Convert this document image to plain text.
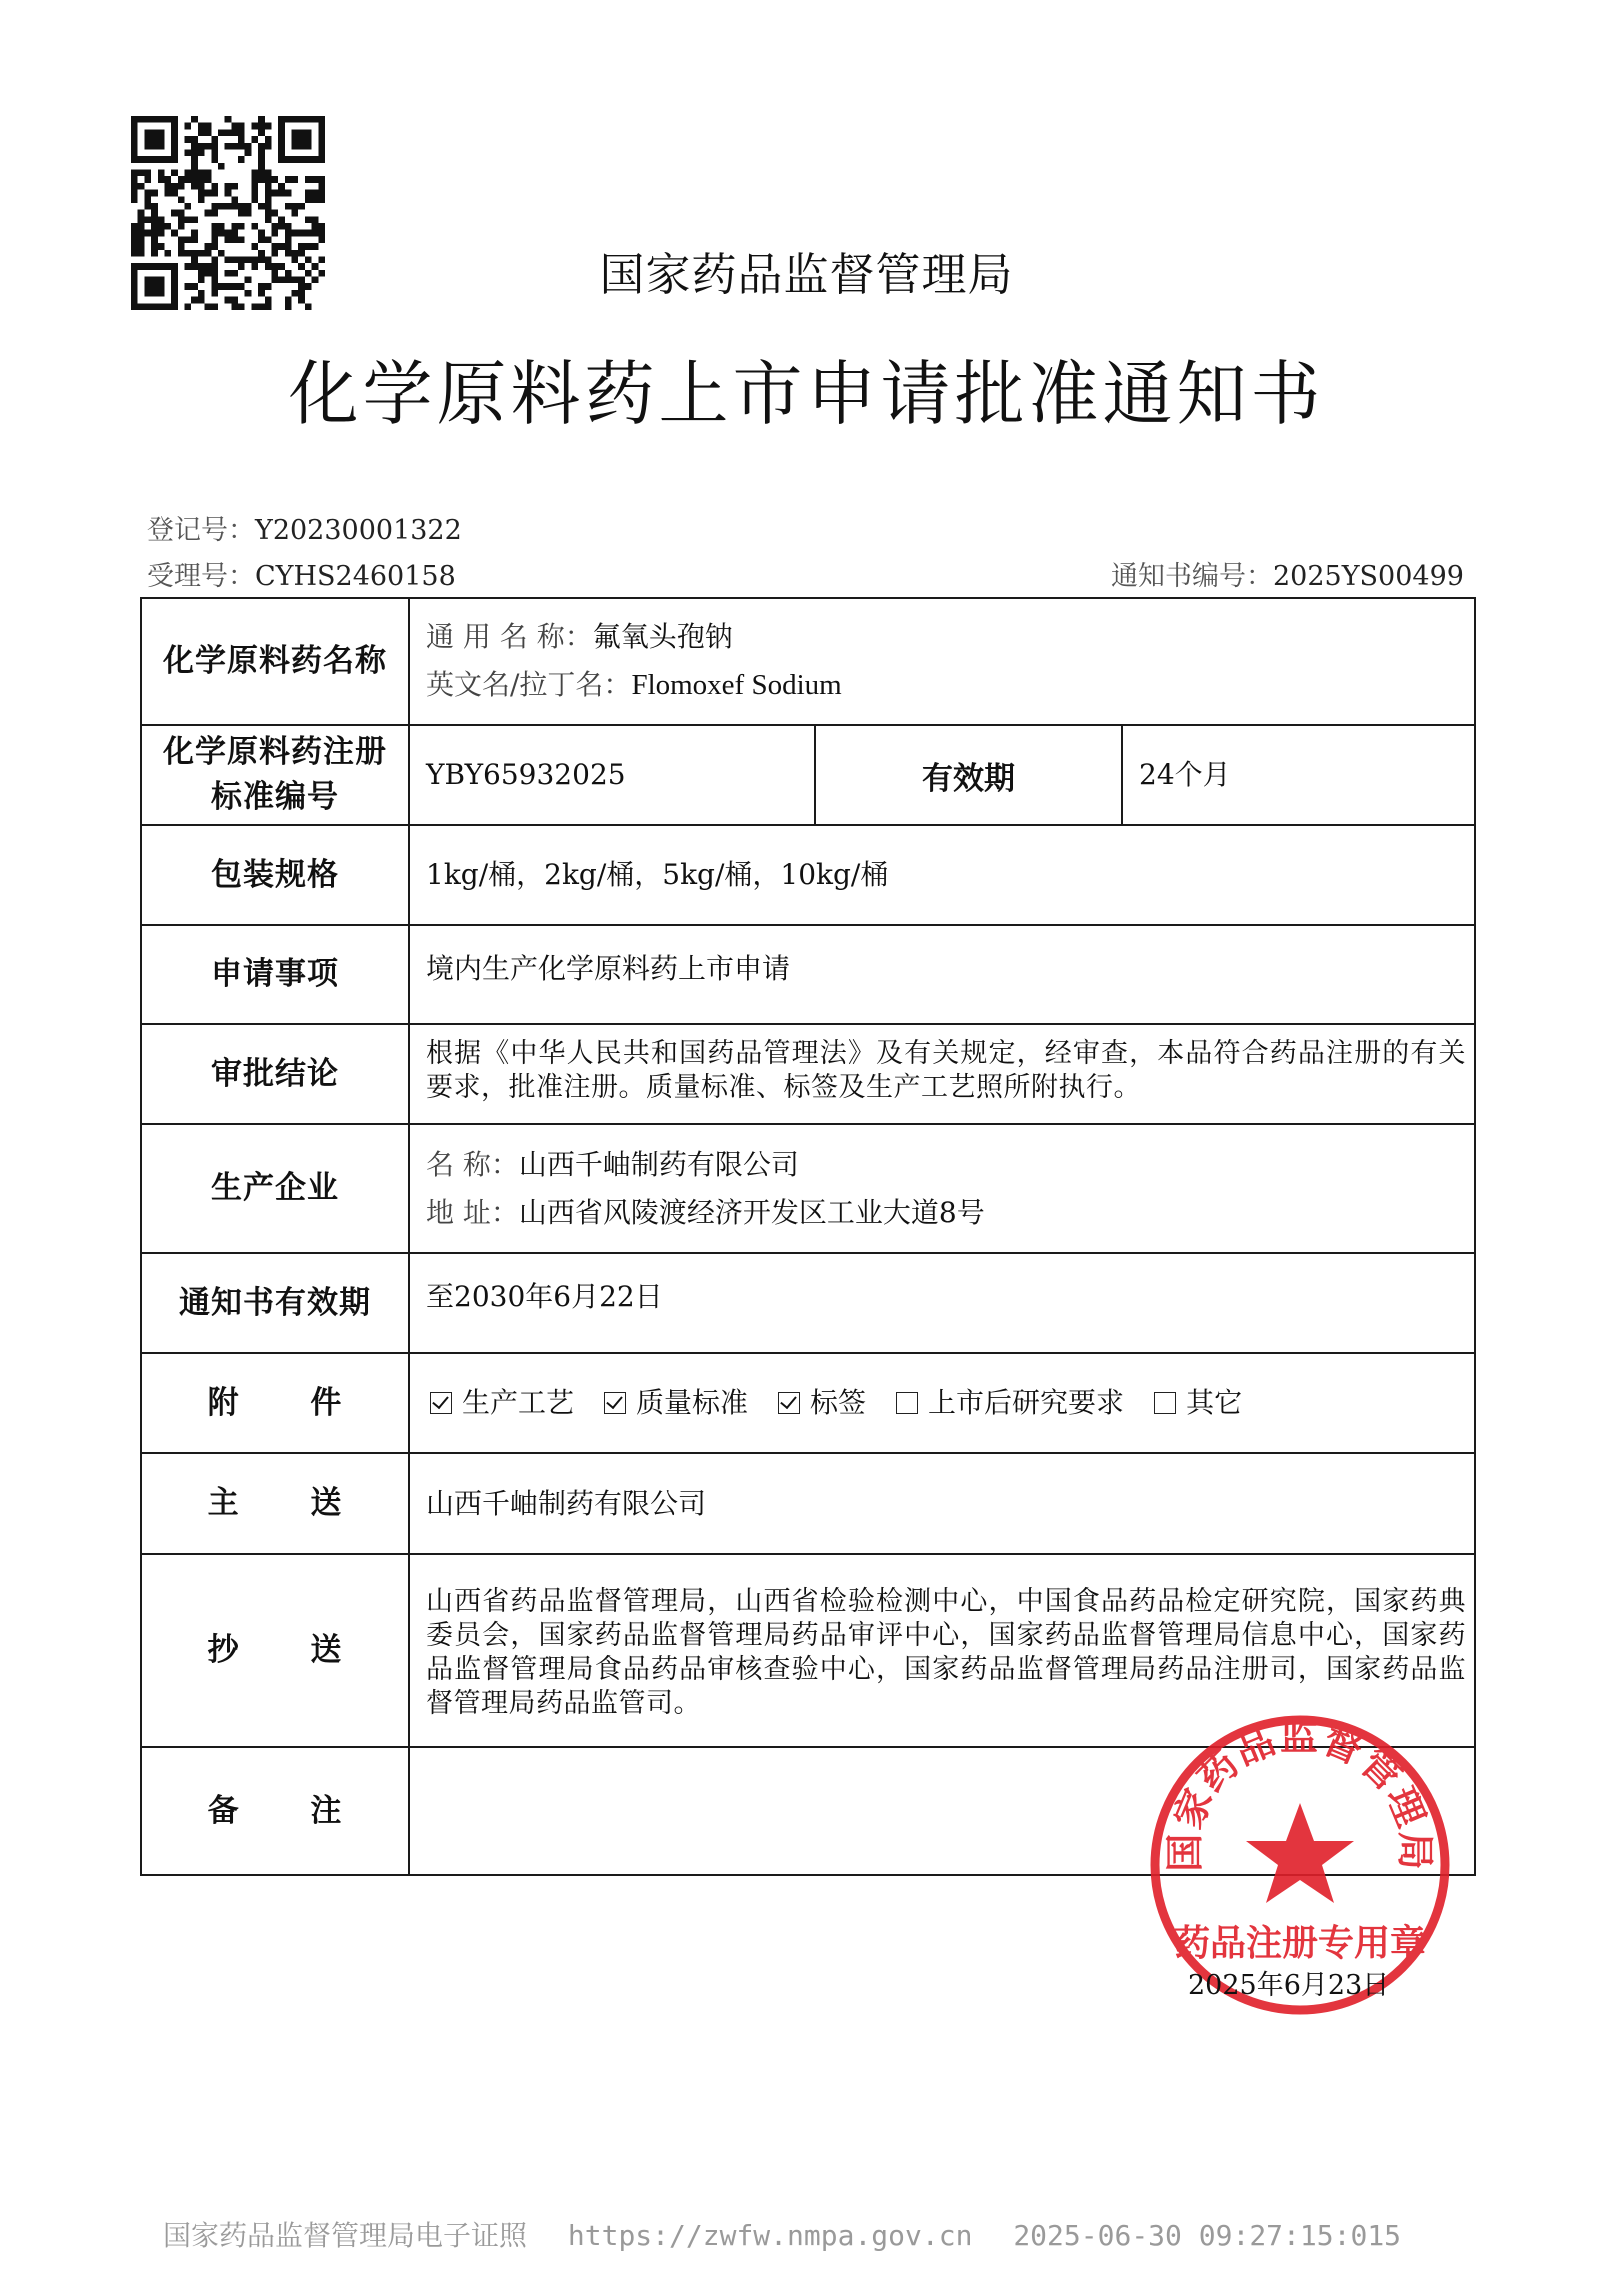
国家药品监督管理局
化学原料药上市申请批准通知书
登记号：Y20230001322
受理号：CYHS2460158	通知书编号：2025YS00499
化学原料药名称	通 用 名 称：氟氧头孢钠
英文名/拉丁名：Flomoxef Sodium		

化学原料药注册
标准编号	YBY65932025	有效期	24个月
包装规格	1kg/桶，2kg/桶，5kg/桶，10kg/桶		
申请事项	境内生产化学原料药上市申请		
审批结论	根据《中华人民共和国药品管理法》及有关规定，经审查，本品符合药品注册的有关要求，批准注册。质量标准、标签及生产工艺照所附执行。		

生产企业	名 称：山西千岫制药有限公司
地 址：山西省风陵渡经济开发区工业大道8号		

通知书有效期	至2030年6月22日		
附      件	生产工艺 质量标准 标签 上市后研究要求 其它		
主      送	山西千岫制药有限公司		
抄      送	山西省药品监督管理局，山西省检验检测中心，中国食品药品检定研究院，国家药典委员会，国家药品监督管理局药品审评中心，国家药品监督管理局信息中心，国家药品监督管理局食品药品审核查验中心，国家药品监督管理局药品注册司，国家药品监督管理局药品监管司。		

备      注			
国家药品监督管理局
药品注册专用章
2025年6月23日
国家药品监督管理局电子证照 https://zwfw.nmpa.gov.cn 2025-06-30 09:27:15:015
